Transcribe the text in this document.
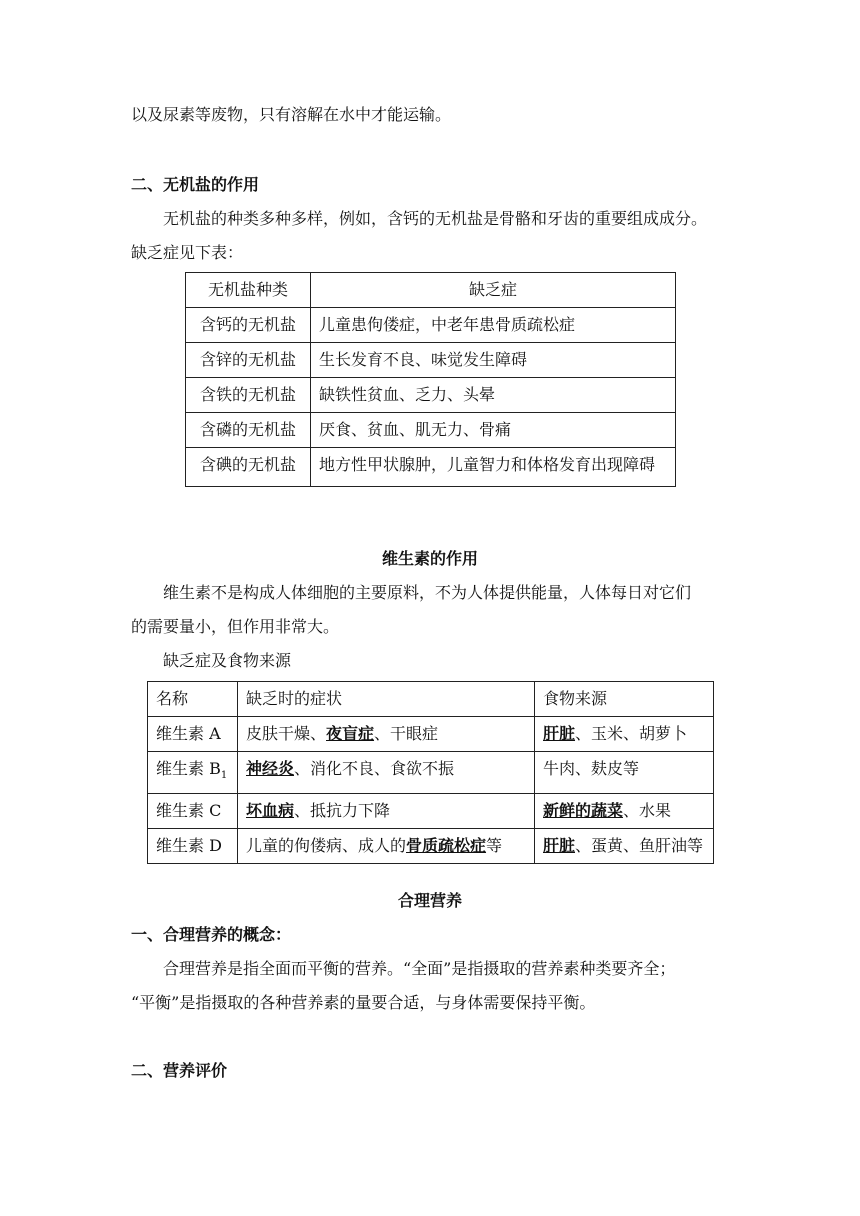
以及尿素等废物，只有溶解在水中才能运输。
二、无机盐的作用
无机盐的种类多种多样，例如，含钙的无机盐是骨骼和牙齿的重要组成成分。
缺乏症见下表：
无机盐种类	缺乏症
含钙的无机盐	儿童患佝偻症，中老年患骨质疏松症
含锌的无机盐	生长发育不良、味觉发生障碍
含铁的无机盐	缺铁性贫血、乏力、头晕
含磷的无机盐	厌食、贫血、肌无力、骨痛
含碘的无机盐	地方性甲状腺肿，儿童智力和体格发育出现障碍
维生素的作用
维生素不是构成人体细胞的主要原料，不为人体提供能量，人体每日对它们
的需要量小，但作用非常大。
缺乏症及食物来源
名称	缺乏时的症状	食物来源
维生素 A	皮肤干燥、夜盲症、干眼症	肝脏、玉米、胡萝卜
维生素 $B_1$	神经炎、消化不良、食欲不振	牛肉、麸皮等
维生素 C	坏血病、抵抗力下降	新鲜的蔬菜、水果
维生素 D	儿童的佝偻病、成人的骨质疏松症等	肝脏、蛋黄、鱼肝油等
合理营养
一、合理营养的概念：
合理营养是指全面而平衡的营养。“全面”是指摄取的营养素种类要齐全；
“平衡”是指摄取的各种营养素的量要合适，与身体需要保持平衡。
二、营养评价
